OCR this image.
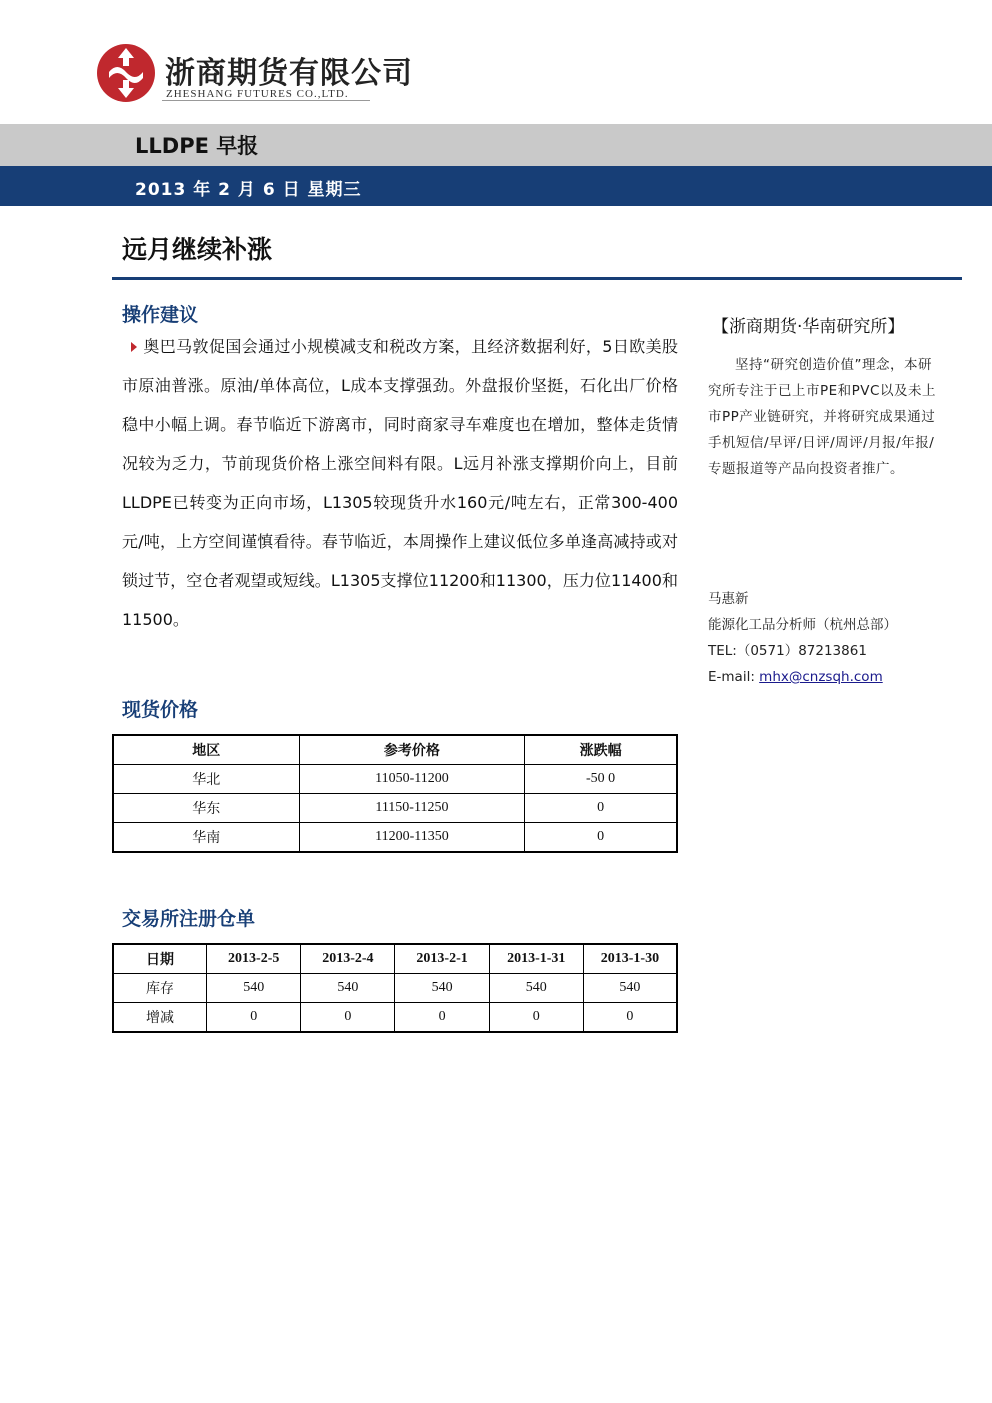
浙商期货有限公司
ZHESHANG FUTURES CO.,LTD.
LLDPE 早报
2013 年 2 月 6 日 星期三
远月继续补涨
操作建议
奥巴马敦促国会通过小规模减支和税改方案，且经济数据利好，5日欧美股市原油普涨。原油/单体高位，L成本支撑强劲。外盘报价坚挺，石化出厂价格稳中小幅上调。春节临近下游离市，同时商家寻车难度也在增加，整体走货情况较为乏力，节前现货价格上涨空间料有限。L远月补涨支撑期价向上，目前LLDPE已转变为正向市场，L1305较现货升水160元/吨左右，正常300-400元/吨，上方空间谨慎看待。春节临近，本周操作上建议低位多单逢高减持或对锁过节，空仓者观望或短线。L1305支撑位11200和11300，压力位11400和11500。
【浙商期货·华南研究所】
坚持“研究创造价值”理念，本研究所专注于已上市PE和PVC以及未上市PP产业链研究，并将研究成果通过手机短信/早评/日评/周评/月报/年报/专题报道等产品向投资者推广。
马惠新
能源化工品分析师（杭州总部）
TEL:（0571）87213861
E-mail: mhx@cnzsqh.com
现货价格
地区	参考价格	涨跌幅
华北	11050-11200	-50 0
华东	11150-11250	0
华南	11200-11350	0
交易所注册仓单
日期	2013-2-5	2013-2-4	2013-2-1	2013-1-31	2013-1-30
库存	540	540	540	540	540
增减	0	0	0	0	0
